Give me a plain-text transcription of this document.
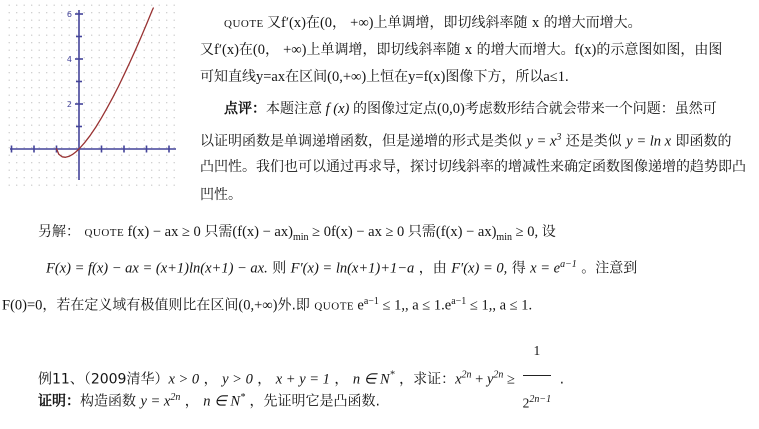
6
4
2
QUOTE 又f′(x)在(0， +∞)上单调增，即切线斜率随 x 的增大而增大。
又f′(x)在(0， +∞)上单调增，即切线斜率随 x 的增大而增大。f(x)的示意图如图，由图
可知直线y=ax在区间(0,+∞)上恒在y=f(x)图像下方，所以a≤1.
点评：本题注意 f (x) 的图像过定点(0,0)考虑数形结合就会带来一个问题：虽然可
以证明函数是单调递增函数，但是递增的形式是类似 $y = x^3$ 还是类似 y = ln x 即函数的
凸凹性。我们也可以通过再求导，探讨切线斜率的增减性来确定函数图像递增的趋势即凸
凹性。
另解： QUOTE f(x) − ax ≥ 0 只需$(f(x) - ax)_{min} \ge 0f(x)$ − ax ≥ 0 只需$(f(x) - ax)_{min} \ge 0$, 设
F(x) = f(x) − ax = (x+1)ln(x+1) − ax. 则 F′(x) = ln(x+1)+1−a ，由 F′(x) = 0, 得 $x = e^{a-1}$ 。注意到
F(0)=0，若在定义域有极值则比在区间(0,+∞)外.即 QUOTE $e^{a-1} \le 1$,, $a \le 1.e^{a-1} \le 1$,, a ≤ 1.
例11、（2009清华）x > 0 ， y > 0 ， x + y = 1 ， n ∈ N* ，求证：$x^{2n} + y^{2n} \ge \frac{1}{2^{2n-1}}$ .
证明：构造函数 $y = x^{2n}$ ， n ∈ N* ，先证明它是凸函数.
